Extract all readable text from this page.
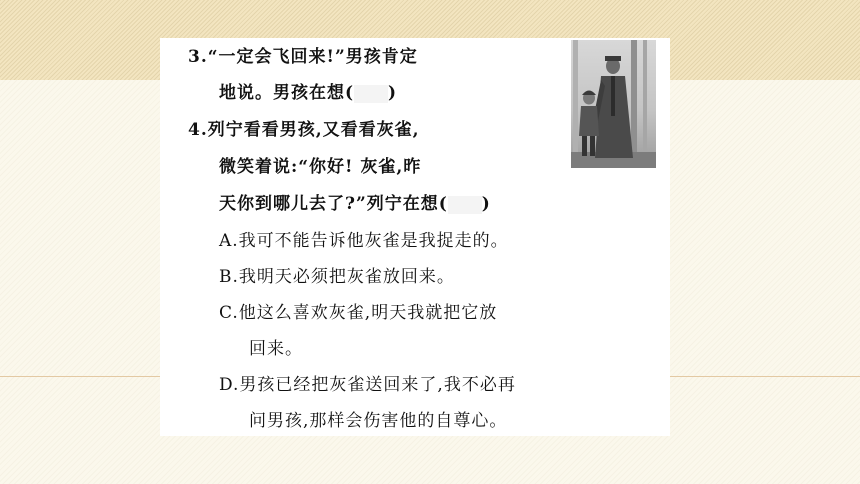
3.“一定会飞回来!”男孩肯定
地说。男孩在想( )
4.列宁看看男孩,又看看灰雀,
微笑着说:“你好! 灰雀,昨
天你到哪儿去了?”列宁在想( )
A.我可不能告诉他灰雀是我捉走的。
B.我明天必须把灰雀放回来。
C.他这么喜欢灰雀,明天我就把它放
回来。
D.男孩已经把灰雀送回来了,我不必再
问男孩,那样会伤害他的自尊心。
